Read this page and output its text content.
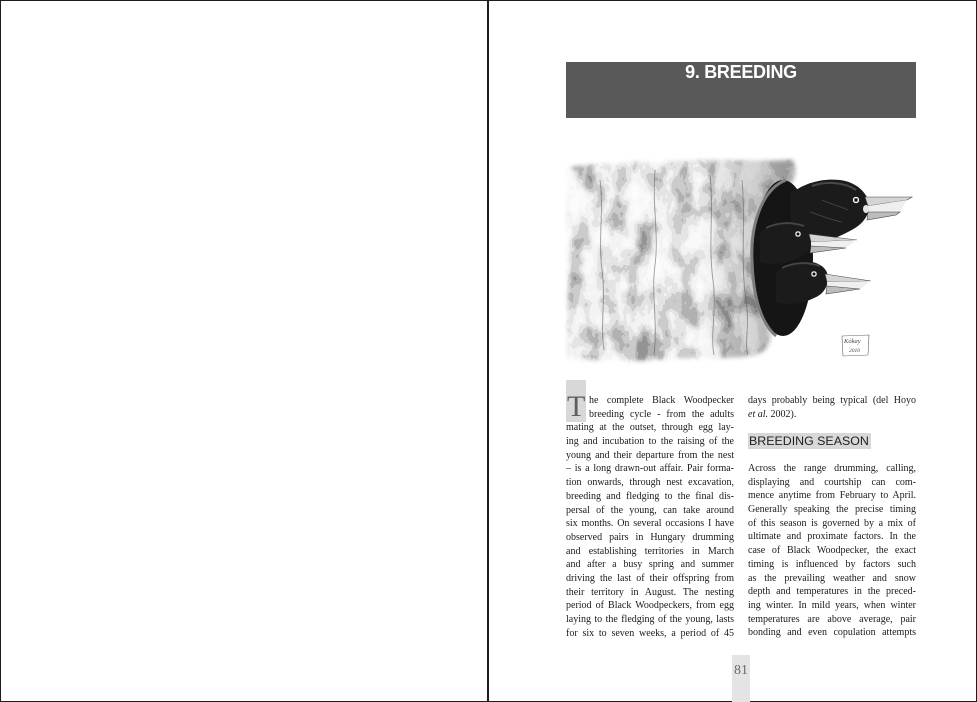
9. BREEDING
Kókay
2010
T he complete Black Woodpecker
breeding cycle - from the adults
mating at the outset, through egg lay-
ing and incubation to the raising of the
young and their departure from the nest
– is a long drawn-out affair. Pair forma-
tion onwards, through nest excavation,
breeding and fledging to the final dis-
persal of the young, can take around
six months. On several occasions I have
observed pairs in Hungary drumming
and establishing territories in March
and after a busy spring and summer
driving the last of their offspring from
their territory in August. The nesting
period of Black Woodpeckers, from egg
laying to the fledging of the young, lasts
for six to seven weeks, a period of 45
days probably being typical (del Hoyo
et al. 2002).
BREEDING SEASON
Across the range drumming, calling,
displaying and courtship can com-
mence anytime from February to April.
Generally speaking the precise timing
of this season is governed by a mix of
ultimate and proximate factors. In the
case of Black Woodpecker, the exact
timing is influenced by factors such
as the prevailing weather and snow
depth and temperatures in the preced-
ing winter. In mild years, when winter
temperatures are above average, pair
bonding and even copulation attempts
81
